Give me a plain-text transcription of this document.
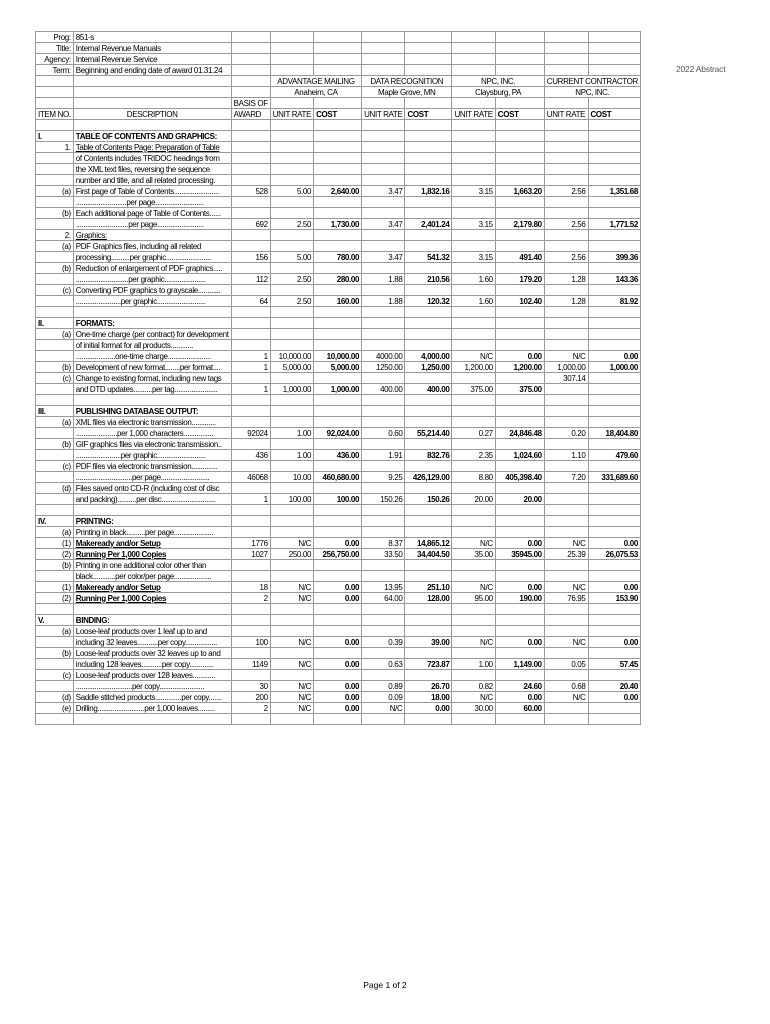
2022 Abstract
Prog:	851-s									
Title:	Internal Revenue Manuals									
Agency:	Internal Revenue Service									
Term:	Beginning and ending date of award 01.31.24									
			ADVANTAGE MAILING		DATA RECOGNITION		NPC, INC.		CURRENT CONTRACTOR	
			Anaheim, CA		Maple Grove, MN		Claysburg, PA		NPC, INC.	
		BASIS OF								
ITEM NO.	DESCRIPTION	AWARD	UNIT RATE	COST	UNIT RATE	COST	UNIT RATE	COST	UNIT RATE	COST

I.	TABLE OF CONTENTS AND GRAPHICS:									
1.	Table of Contents Page: Preparation of Table									
	of Contents includes TRIDOC headings from									
	the XML text files, reversing the sequence									
	number and title, and all related processing.									
(a)	First page of Table of Contents........................	528	5.00	2,640.00	3.47	1,832.16	3.15	1,663.20	2.56	1,351.68
	...........................per page..........................									
(b)	Each additional page of Table of Contents......									
	............................per page.........................	692	2.50	1,730.00	3.47	2,401.24	3.15	2,179.80	2.56	1,771.52
2.	Graphics:									
(a)	PDF Graphics files, including all related									
	processing..........per graphic........................	156	5.00	780.00	3.47	541.32	3.15	491.40	2.56	399.36
(b)	Reduction of enlargement of PDF graphics.....									
	............................per graphic......................	112	2.50	280.00	1.88	210.56	1.60	179.20	1.28	143.36
(c)	Converting PDF graphics to grayscale............									
	........................per graphic..........................	64	2.50	160.00	1.88	120.32	1.60	102.40	1.28	81.92

II.	FORMATS:									
(a)	One-time charge (per contract) for development									
	of initial format for all products............									
	.....................one-time charge.......................	1	10,000.00	10,000.00	4000.00	4,000.00	N/C	0.00	N/C	0.00
(b)	Development of new format........per format....	1	5,000.00	5,000.00	1250.00	1,250.00	1,200.00	1,200.00	1,000.00	1,000.00
(c)	Change to existing format, including new tags								307.14	
	and DTD updates..........per tag.......................	1	1,000.00	1,000.00	400.00	400.00	375.00	375.00		

III.	PUBLISHING DATABASE OUTPUT:									
(a)	XML files via electronic transmission.............									
	......................per 1,000 characters................	92024	1.00	92,024.00	0.60	55,214.40	0.27	24,846.48	0.20	18,404.80
(b)	GIF graphics files via electronic transmission..									
	........................per graphic..........................	436	1.00	436.00	1.91	832.76	2.35	1,024.60	1.10	479.60
(c)	PDF files via electronic transmission..............									
	..............................per page..........................	46068	10.00	460,680.00	9.25	426,129.00	8.80	405,398.40	7.20	331,689.60
(d)	Files saved onto CD-R (including cost of disc									
	and packing)..........per disc.............................	1	100.00	100.00	150.26	150.26	20.00	20.00		

IV.	PRINTING:									
(a)	Printing in black..........per page.....................									
(1)	Makeready and/or Setup	1776	N/C	0.00	8.37	14,865.12	N/C	0.00	N/C	0.00
(2)	Running Per 1,000 Copies	1027	250.00	256,750.00	33.50	34,404.50	35.00	35945.00	25.39	26,075.53
(b)	Printing in one additional color other than									
	black............per color/per page....................									
(1)	Makeready and/or Setup	18	N/C	0.00	13.95	251.10	N/C	0.00	N/C	0.00
(2)	Running Per 1,000 Copies	2	N/C	0.00	64.00	128.00	95.00	190.00	76.95	153.90

V.	BINDING:									
(a)	Loose-leaf products over 1 leaf up to and									
	including 32 leaves...........per copy.................	100	N/C	0.00	0.39	39.00	N/C	0.00	N/C	0.00
(b)	Loose-leaf products over 32 leaves up to and									
	including 128 leaves...........per copy.............	1149	N/C	0.00	0.63	723.87	1.00	1,149.00	0.05	57.45
(c)	Loose-leaf products over 128 leaves............									
	..............................per copy........................	30	N/C	0.00	0.89	26.70	0.82	24.60	0.68	20.40
(d)	Saddle stitched products..............per copy.......	200	N/C	0.00	0.09	18.00	N/C	0.00	N/C	0.00
(e)	Drilling.........................per 1,000 leaves.........	2	N/C	0.00	N/C	0.00	30.00	60.00		

Page 1 of 2
